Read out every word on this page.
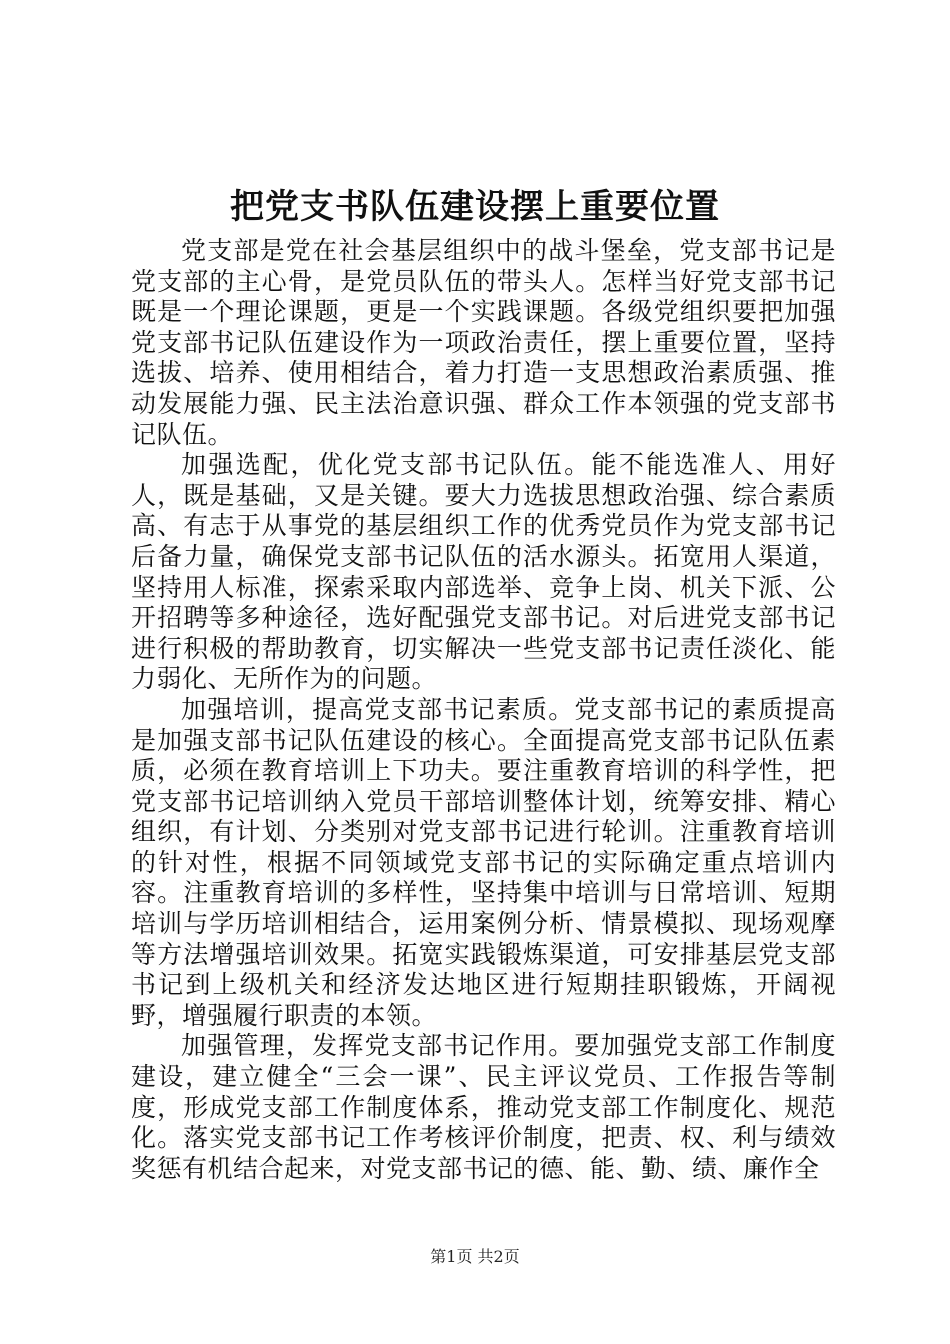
把党支书队伍建设摆上重要位置

党支部是党在社会基层组织中的战斗堡垒，党支部书记是党支部的主心骨，是党员队伍的带头人。怎样当好党支部书记既是一个理论课题，更是一个实践课题。各级党组织要把加强党支部书记队伍建设作为一项政治责任，摆上重要位置，坚持选拔、培养、使用相结合，着力打造一支思想政治素质强、推动发展能力强、民主法治意识强、群众工作本领强的党支部书记队伍。

加强选配，优化党支部书记队伍。能不能选准人、用好人，既是基础，又是关键。要大力选拔思想政治强、综合素质高、有志于从事党的基层组织工作的优秀党员作为党支部书记后备力量，确保党支部书记队伍的活水源头。拓宽用人渠道，坚持用人标准，探索采取内部选举、竞争上岗、机关下派、公开招聘等多种途径，选好配强党支部书记。对后进党支部书记进行积极的帮助教育，切实解决一些党支部书记责任淡化、能力弱化、无所作为的问题。

加强培训，提高党支部书记素质。党支部书记的素质提高是加强支部书记队伍建设的核心。全面提高党支部书记队伍素质，必须在教育培训上下功夫。要注重教育培训的科学性，把党支部书记培训纳入党员干部培训整体计划，统筹安排、精心组织，有计划、分类别对党支部书记进行轮训。注重教育培训的针对性，根据不同领域党支部书记的实际确定重点培训内容。注重教育培训的多样性，坚持集中培训与日常培训、短期培训与学历培训相结合，运用案例分析、情景模拟、现场观摩等方法增强培训效果。拓宽实践锻炼渠道，可安排基层党支部书记到上级机关和经济发达地区进行短期挂职锻炼，开阔视野，增强履行职责的本领。

加强管理，发挥党支部书记作用。要加强党支部工作制度建设，建立健全“三会一课”、民主评议党员、工作报告等制度，形成党支部工作制度体系，推动党支部工作制度化、规范化。落实党支部书记工作考核评价制度，把责、权、利与绩效奖惩有机结合起来，对党支部书记的德、能、勤、绩、廉作全

第1页 共2页
